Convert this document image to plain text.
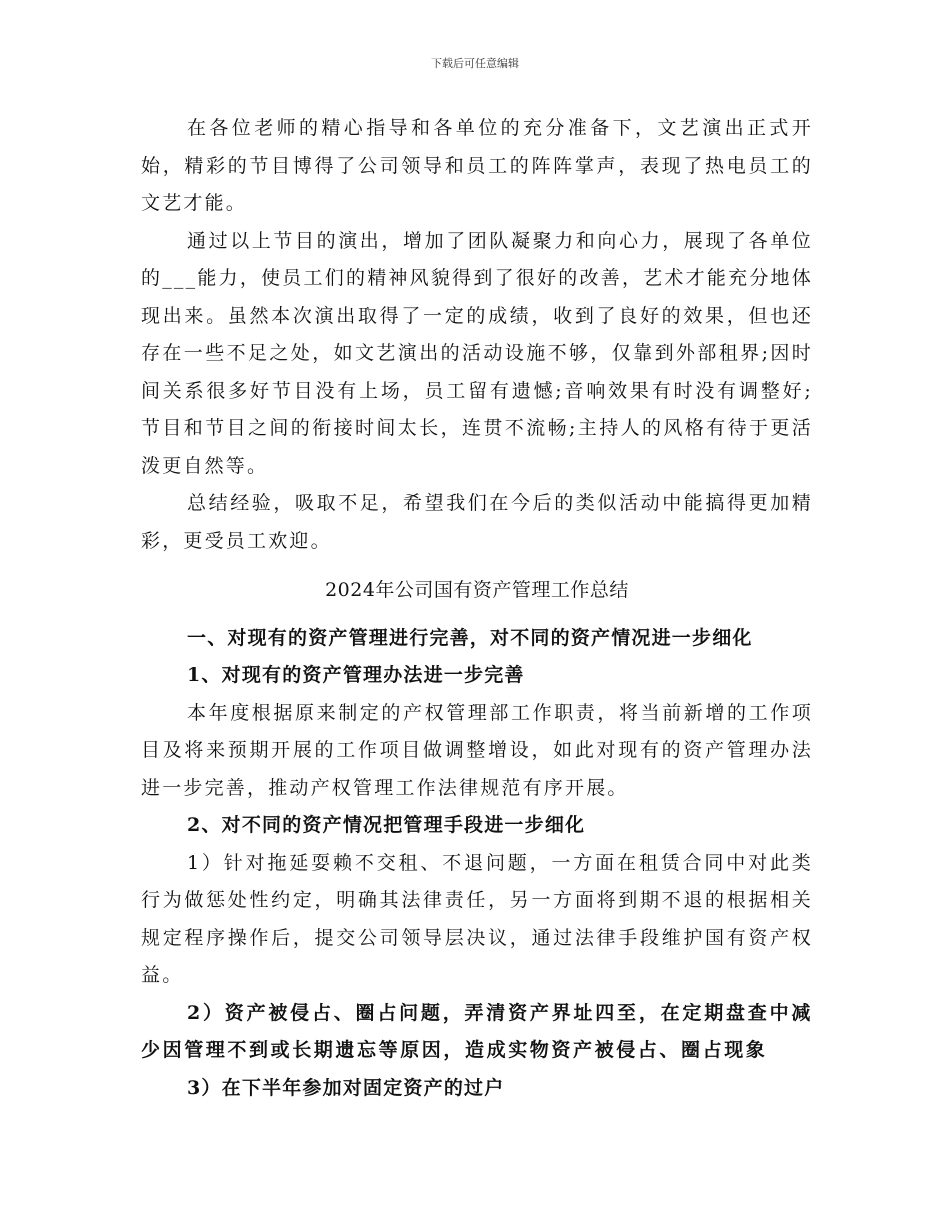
下载后可任意编辑

在各位老师的精心指导和各单位的充分准备下，文艺演出正式开始，精彩的节目博得了公司领导和员工的阵阵掌声，表现了热电员工的文艺才能。

通过以上节目的演出，增加了团队凝聚力和向心力，展现了各单位的___能力，使员工们的精神风貌得到了很好的改善，艺术才能充分地体现出来。虽然本次演出取得了一定的成绩，收到了良好的效果，但也还存在一些不足之处，如文艺演出的活动设施不够，仅靠到外部租界;因时间关系很多好节目没有上场，员工留有遗憾;音响效果有时没有调整好;节目和节目之间的衔接时间太长，连贯不流畅;主持人的风格有待于更活泼更自然等。

总结经验，吸取不足，希望我们在今后的类似活动中能搞得更加精彩，更受员工欢迎。

2024年公司国有资产管理工作总结

一、对现有的资产管理进行完善，对不同的资产情况进一步细化

1、对现有的资产管理办法进一步完善

本年度根据原来制定的产权管理部工作职责，将当前新增的工作项目及将来预期开展的工作项目做调整增设，如此对现有的资产管理办法进一步完善，推动产权管理工作法律规范有序开展。

2、对不同的资产情况把管理手段进一步细化

1）针对拖延耍赖不交租、不退问题，一方面在租赁合同中对此类行为做惩处性约定，明确其法律责任，另一方面将到期不退的根据相关规定程序操作后，提交公司领导层决议，通过法律手段维护国有资产权益。

2）资产被侵占、圈占问题，弄清资产界址四至，在定期盘查中减少因管理不到或长期遗忘等原因，造成实物资产被侵占、圈占现象

3）在下半年参加对固定资产的过户
